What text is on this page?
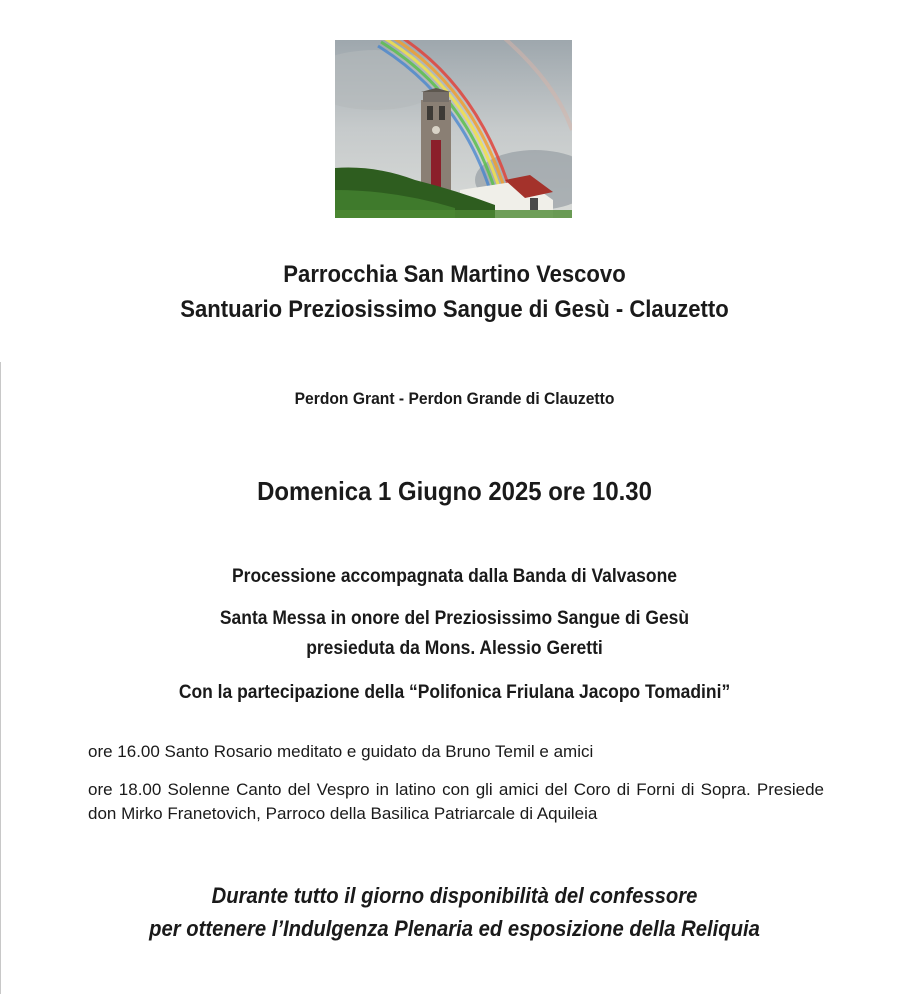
Parrocchia San Martino Vescovo
Santuario Preziosissimo Sangue di Gesù - Clauzetto
Perdon Grant - Perdon Grande di Clauzetto
Domenica 1 Giugno 2025 ore 10.30
Processione accompagnata dalla Banda di Valvasone
Santa Messa in onore del Preziosissimo Sangue di Gesù
presieduta da Mons. Alessio Geretti
Con la partecipazione della “Polifonica Friulana Jacopo Tomadini”
ore 16.00 Santo Rosario meditato e guidato da Bruno Temil e amici
ore 18.00 Solenne Canto del Vespro in latino con gli amici del Coro di Forni di Sopra. Presiede don Mirko Franetovich, Parroco della Basilica Patriarcale di Aquileia
Durante tutto il giorno disponibilità del confessore
per ottenere l’Indulgenza Plenaria ed esposizione della Reliquia
